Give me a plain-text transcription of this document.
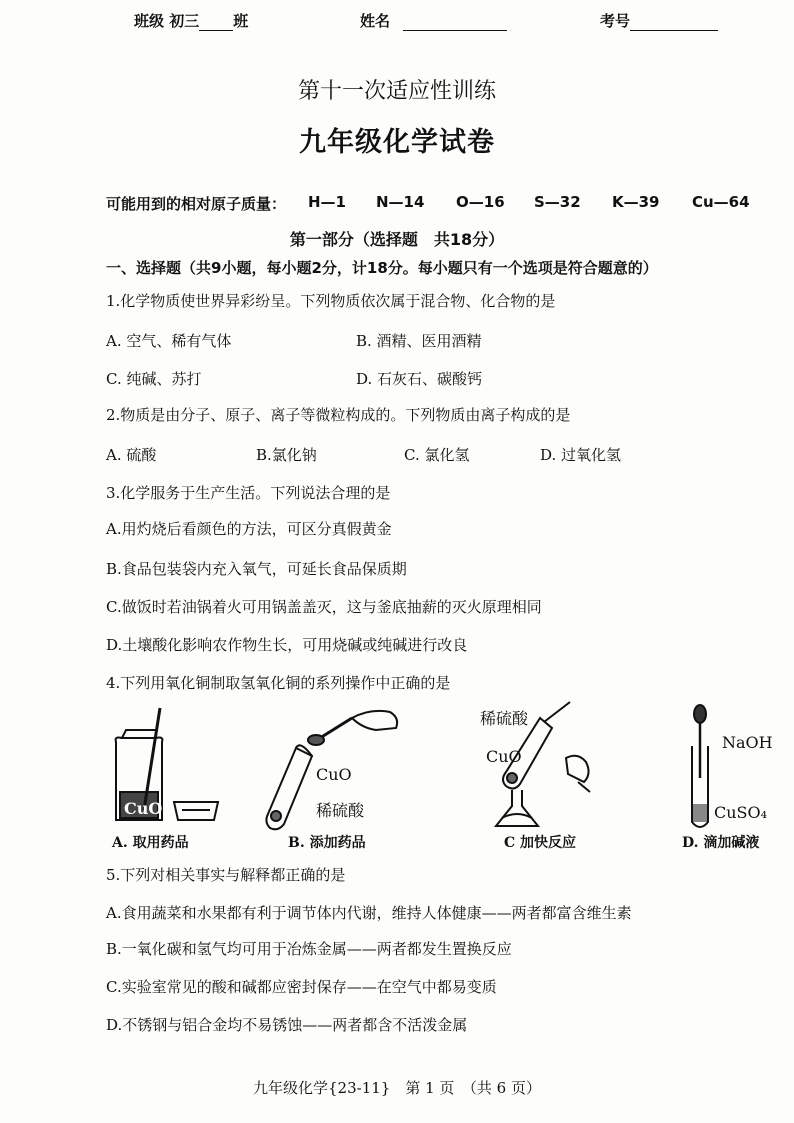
班级 初三 班	姓名	考号
第十一次适应性训练
九年级化学试卷
可能用到的相对原子质量： H—1 N—14 O—16 S—32 K—39 Cu—64
第一部分（选择题　共18分）
一、选择题（共9小题，每小题2分，计18分。每小题只有一个选项是符合题意的）
1.化学物质使世界异彩纷呈。下列物质依次属于混合物、化合物的是
A. 空气、稀有气体	B. 酒精、医用酒精
C. 纯碱、苏打	D. 石灰石、碳酸钙
2.物质是由分子、原子、离子等微粒构成的。下列物质由离子构成的是
A. 硫酸	B.氯化钠	C. 氯化氢	D. 过氧化氢
3.化学服务于生产生活。下列说法合理的是
A.用灼烧后看颜色的方法，可区分真假黄金
B.食品包装袋内充入氧气，可延长食品保质期
C.做饭时若油锅着火可用锅盖盖灭，这与釜底抽薪的灭火原理相同
D.土壤酸化影响农作物生长，可用烧碱或纯碱进行改良
4.下列用氧化铜制取氢氧化铜的系列操作中正确的是
CuO
CuO
稀硫酸
稀硫酸
CuO
NaOH
CuSO₄
A. 取用药品	B. 添加药品	C 加快反应	D. 滴加碱液
5.下列对相关事实与解释都正确的是
A.食用蔬菜和水果都有利于调节体内代谢，维持人体健康——两者都富含维生素
B.一氧化碳和氢气均可用于冶炼金属——两者都发生置换反应
C.实验室常见的酸和碱都应密封保存——在空气中都易变质
D.不锈钢与铝合金均不易锈蚀——两者都含不活泼金属
九年级化学{23-11}　第 1 页　（共 6 页）
